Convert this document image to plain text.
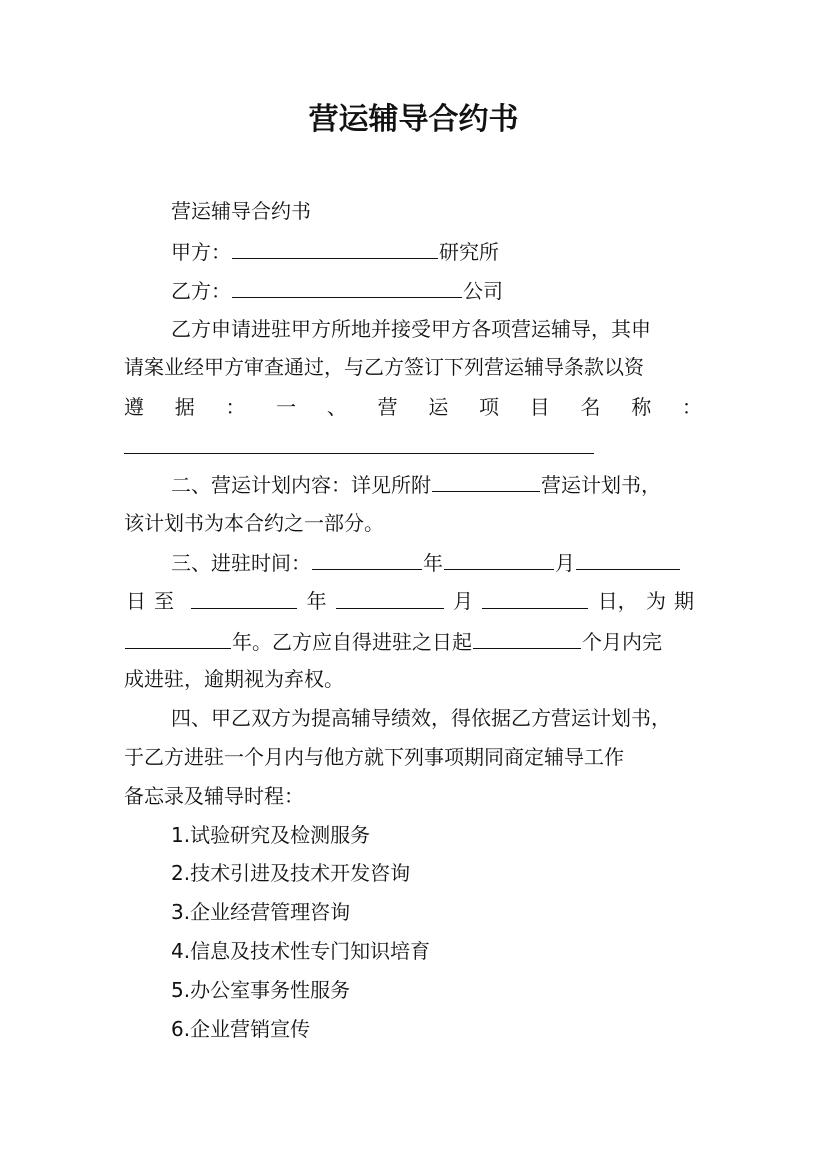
营运辅导合约书
营运辅导合约书
甲方：	研究所
乙方：	公司
乙方申请进驻甲方所地并接受甲方各项营运辅导，其申
请案业经甲方审查通过，与乙方签订下列营运辅导条款以资
遵 据 ： 一 、 营 运 项 目 名 称 ：
二、营运计划内容：详见所附	营运计划书，
该计划书为本合约之一部分。
三、进驻时间：	年	月
日至	年	月	日， 为期
年。乙方应自得进驻之日起	个月内完
成进驻，逾期视为弃权。
四、甲乙双方为提高辅导绩效，得依据乙方营运计划书，
于乙方进驻一个月内与他方就下列事项期同商定辅导工作
备忘录及辅导时程：
1.试验研究及检测服务
2.技术引进及技术开发咨询
3.企业经营管理咨询
4.信息及技术性专门知识培育
5.办公室事务性服务
6.企业营销宣传
